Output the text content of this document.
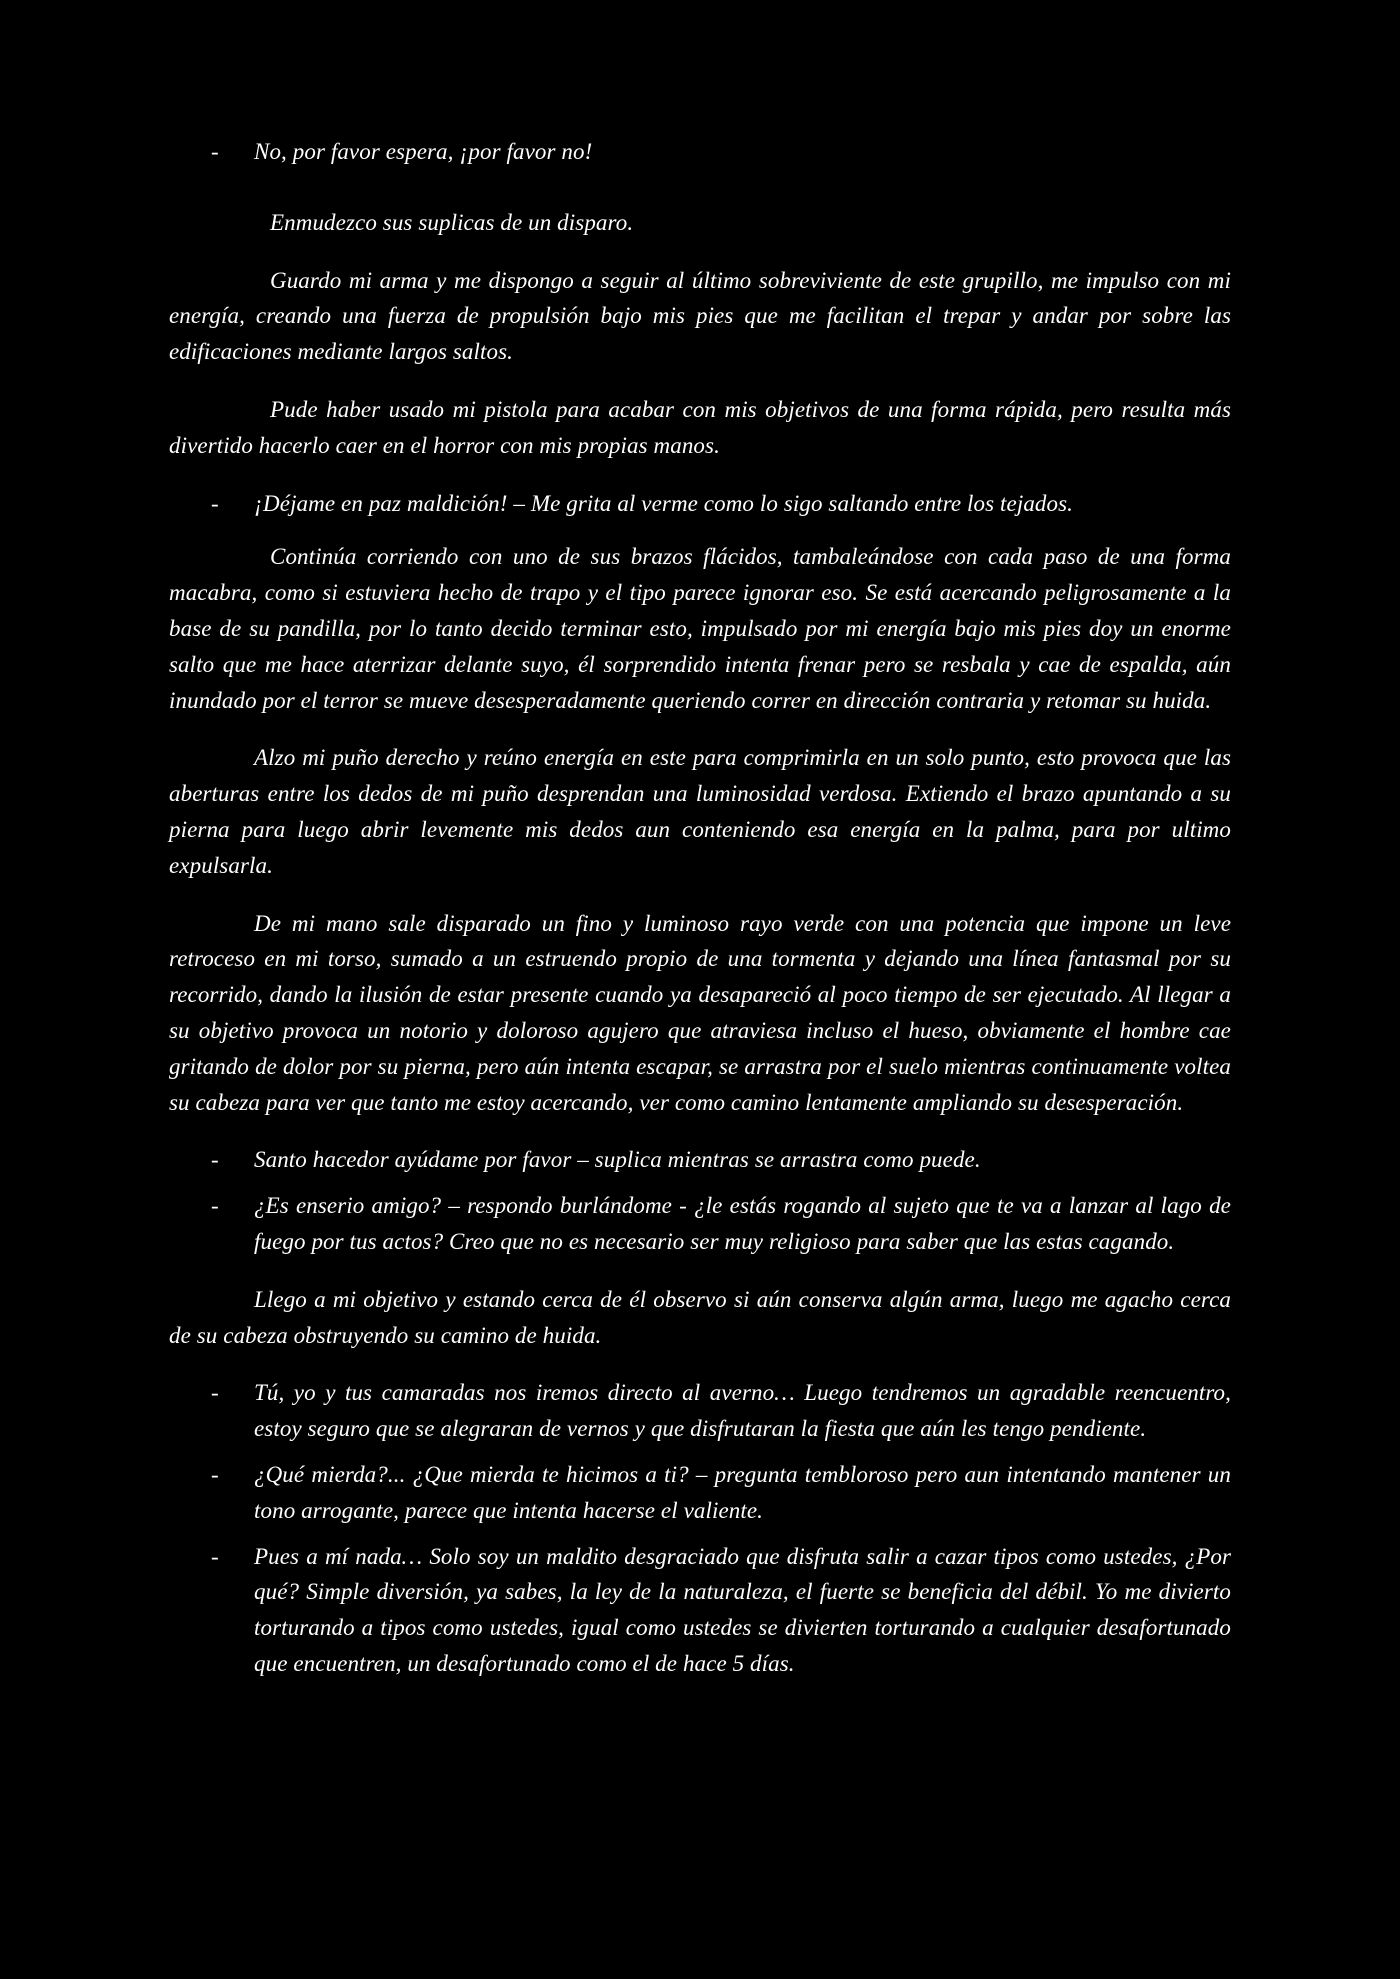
- No, por favor espera, ¡por favor no!

Enmudezco sus suplicas de un disparo.

Guardo mi arma y me dispongo a seguir al último sobreviviente de este grupillo, me impulso con mi energía, creando una fuerza de propulsión bajo mis pies que me facilitan el trepar y andar por sobre las edificaciones mediante largos saltos.

Pude haber usado mi pistola para acabar con mis objetivos de una forma rápida, pero resulta más divertido hacerlo caer en el horror con mis propias manos.

- ¡Déjame en paz maldición! – Me grita al verme como lo sigo saltando entre los tejados.

Continúa corriendo con uno de sus brazos flácidos, tambaleándose con cada paso de una forma macabra, como si estuviera hecho de trapo y el tipo parece ignorar eso. Se está acercando peligrosamente a la base de su pandilla, por lo tanto decido terminar esto, impulsado por mi energía bajo mis pies doy un enorme salto que me hace aterrizar delante suyo, él sorprendido intenta frenar pero se resbala y cae de espalda, aún inundado por el terror se mueve desesperadamente queriendo correr en dirección contraria y retomar su huida.

Alzo mi puño derecho y reúno energía en este para comprimirla en un solo punto, esto provoca que las aberturas entre los dedos de mi puño desprendan una luminosidad verdosa. Extiendo el brazo apuntando a su pierna para luego abrir levemente mis dedos aun conteniendo esa energía en la palma, para por ultimo expulsarla.

De mi mano sale disparado un fino y luminoso rayo verde con una potencia que impone un leve retroceso en mi torso, sumado a un estruendo propio de una tormenta y dejando una línea fantasmal por su recorrido, dando la ilusión de estar presente cuando ya desapareció al poco tiempo de ser ejecutado. Al llegar a su objetivo provoca un notorio y doloroso agujero que atraviesa incluso el hueso, obviamente el hombre cae gritando de dolor por su pierna, pero aún intenta escapar, se arrastra por el suelo mientras continuamente voltea su cabeza para ver que tanto me estoy acercando, ver como camino lentamente ampliando su desesperación.

- Santo hacedor ayúdame por favor – suplica mientras se arrastra como puede.
- ¿Es enserio amigo? – respondo burlándome - ¿le estás rogando al sujeto que te va a lanzar al lago de fuego por tus actos? Creo que no es necesario ser muy religioso para saber que las estas cagando.

Llego a mi objetivo y estando cerca de él observo si aún conserva algún arma, luego me agacho cerca de su cabeza obstruyendo su camino de huida.

- Tú, yo y tus camaradas nos iremos directo al averno… Luego tendremos un agradable reencuentro, estoy seguro que se alegraran de vernos y que disfrutaran la fiesta que aún les tengo pendiente.
- ¿Qué mierda?... ¿Que mierda te hicimos a ti? – pregunta tembloroso pero aun intentando mantener un tono arrogante, parece que intenta hacerse el valiente.
- Pues a mí nada… Solo soy un maldito desgraciado que disfruta salir a cazar tipos como ustedes, ¿Por qué? Simple diversión, ya sabes, la ley de la naturaleza, el fuerte se beneficia del débil. Yo me divierto torturando a tipos como ustedes, igual como ustedes se divierten torturando a cualquier desafortunado que encuentren, un desafortunado como el de hace 5 días.
